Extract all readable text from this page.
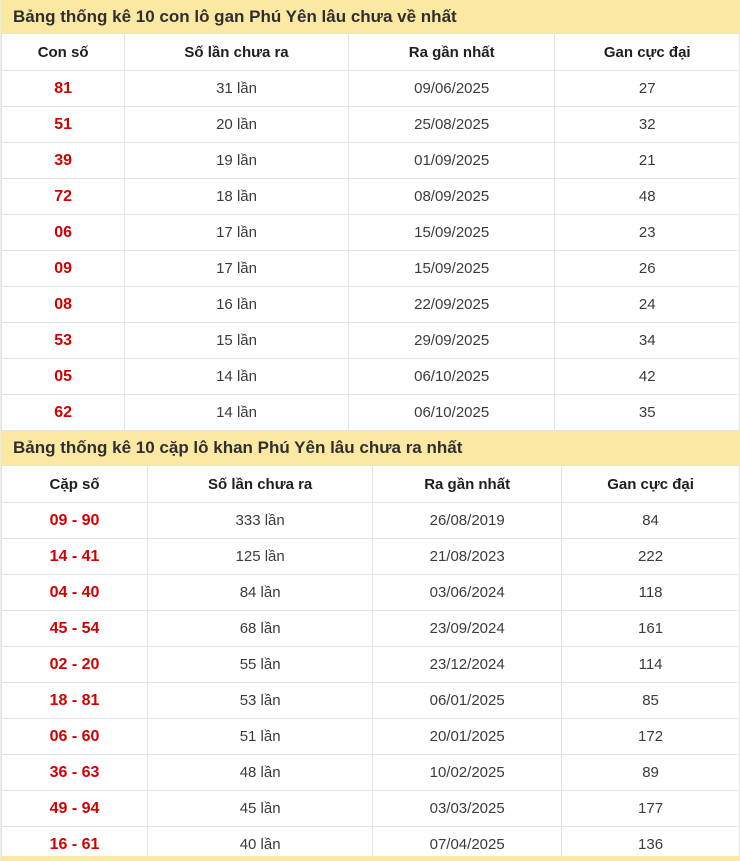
Bảng thống kê 10 con lô gan Phú Yên lâu chưa về nhất
Con số	Số lần chưa ra	Ra gần nhất	Gan cực đại
81	31 lần	09/06/2025	27
51	20 lần	25/08/2025	32
39	19 lần	01/09/2025	21
72	18 lần	08/09/2025	48
06	17 lần	15/09/2025	23
09	17 lần	15/09/2025	26
08	16 lần	22/09/2025	24
53	15 lần	29/09/2025	34
05	14 lần	06/10/2025	42
62	14 lần	06/10/2025	35
Bảng thống kê 10 cặp lô khan Phú Yên lâu chưa ra nhất
Cặp số	Số lần chưa ra	Ra gần nhất	Gan cực đại
09 - 90	333 lần	26/08/2019	84
14 - 41	125 lần	21/08/2023	222
04 - 40	84 lần	03/06/2024	118
45 - 54	68 lần	23/09/2024	161
02 - 20	55 lần	23/12/2024	114
18 - 81	53 lần	06/01/2025	85
06 - 60	51 lần	20/01/2025	172
36 - 63	48 lần	10/02/2025	89
49 - 94	45 lần	03/03/2025	177
16 - 61	40 lần	07/04/2025	136
